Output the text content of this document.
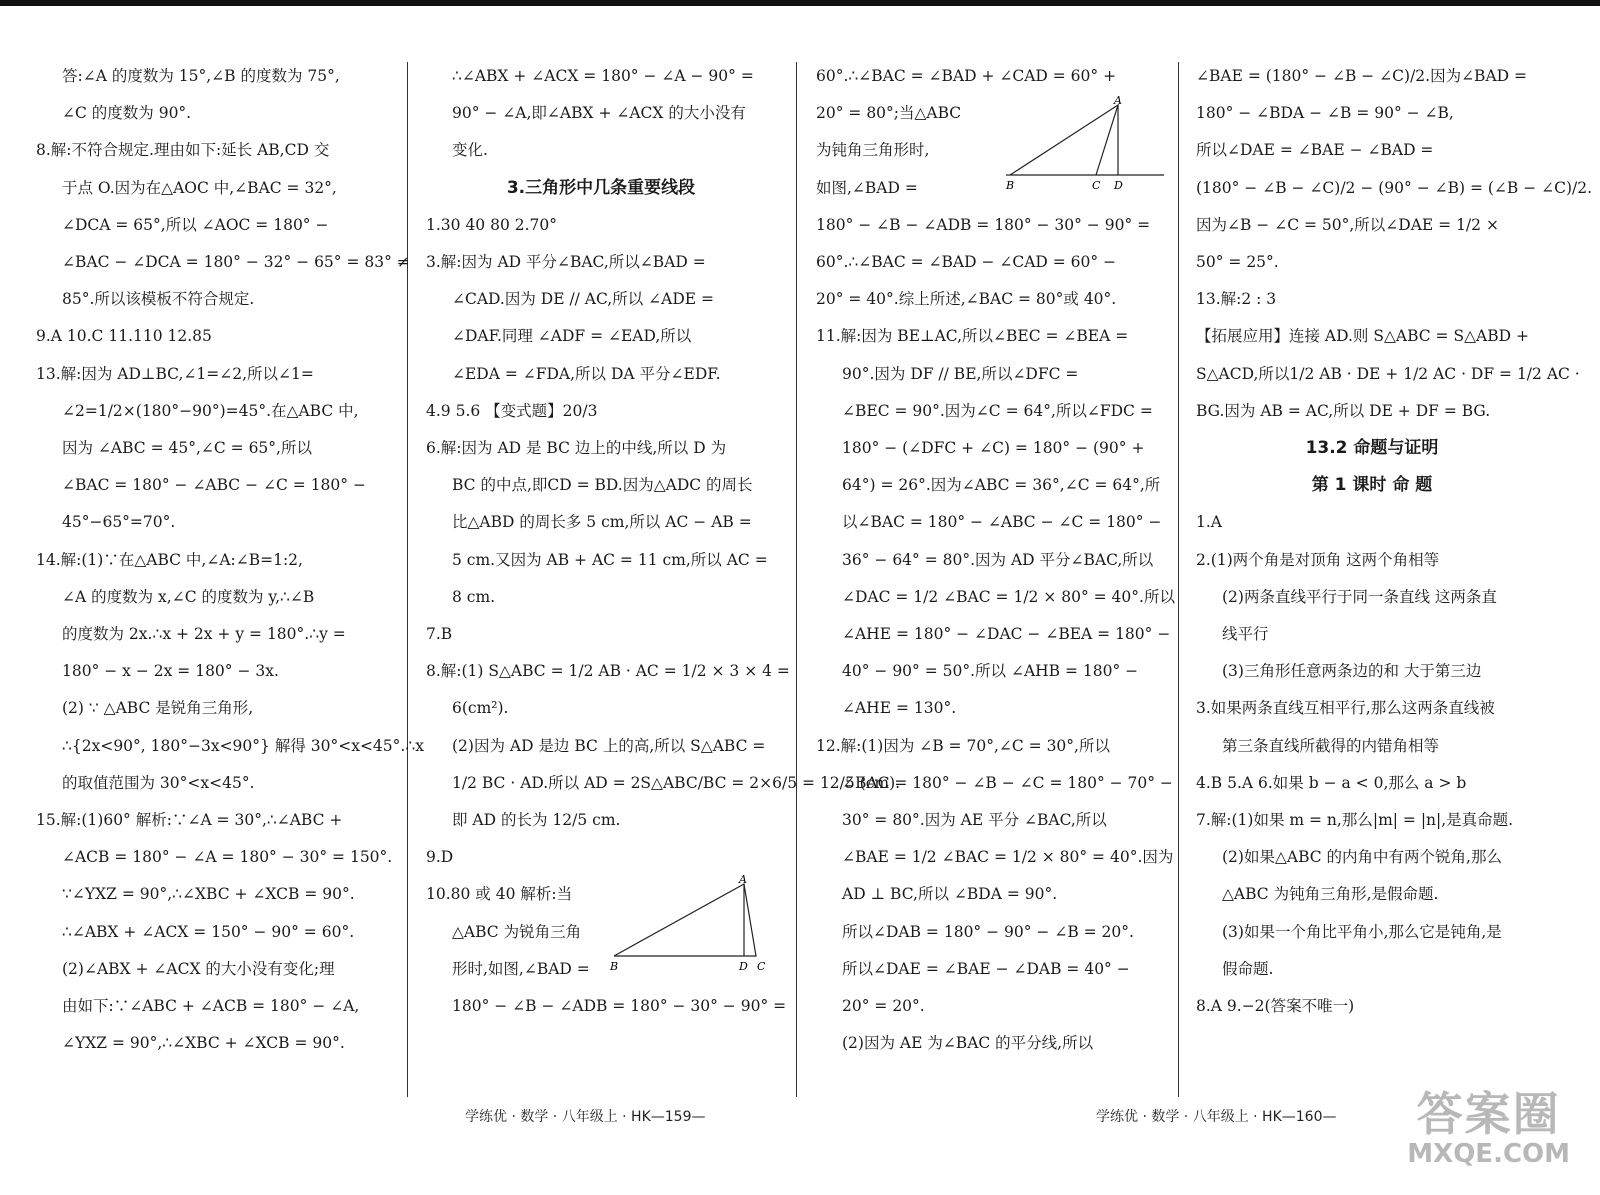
答:∠A 的度数为 15°,∠B 的度数为 75°,
∠C 的度数为 90°.
8.解:不符合规定.理由如下:延长 AB,CD 交
于点 O.因为在△AOC 中,∠BAC = 32°,
∠DCA = 65°,所以 ∠AOC = 180° −
∠BAC − ∠DCA = 180° − 32° − 65° = 83° ≠
85°.所以该模板不符合规定.
9.A 10.C 11.110 12.85
13.解:因为 AD⊥BC,∠1=∠2,所以∠1=
∠2=1/2×(180°−90°)=45°.在△ABC 中,
因为 ∠ABC = 45°,∠C = 65°,所以
∠BAC = 180° − ∠ABC − ∠C = 180° −
45°−65°=70°.
14.解:(1)∵在△ABC 中,∠A:∠B=1:2,
∠A 的度数为 x,∠C 的度数为 y,∴∠B
的度数为 2x.∴x + 2x + y = 180°.∴y =
180° − x − 2x = 180° − 3x.
(2) ∵ △ABC 是锐角三角形,
∴{2x<90°, 180°−3x<90°} 解得 30°<x<45°.∴x
的取值范围为 30°<x<45°.
15.解:(1)60° 解析:∵∠A = 30°,∴∠ABC +
∠ACB = 180° − ∠A = 180° − 30° = 150°.
∵∠YXZ = 90°,∴∠XBC + ∠XCB = 90°.
∴∠ABX + ∠ACX = 150° − 90° = 60°.
(2)∠ABX + ∠ACX 的大小没有变化;理
由如下:∵∠ABC + ∠ACB = 180° − ∠A,
∠YXZ = 90°,∴∠XBC + ∠XCB = 90°.
∴∠ABX + ∠ACX = 180° − ∠A − 90° =
90° − ∠A,即∠ABX + ∠ACX 的大小没有
变化.
3.三角形中几条重要线段
1.30 40 80 2.70°
3.解:因为 AD 平分∠BAC,所以∠BAD =
∠CAD.因为 DE // AC,所以 ∠ADE =
∠DAF.同理 ∠ADF = ∠EAD,所以
∠EDA = ∠FDA,所以 DA 平分∠EDF.
4.9 5.6 【变式题】20/3
6.解:因为 AD 是 BC 边上的中线,所以 D 为
BC 的中点,即CD = BD.因为△ADC 的周长
比△ABD 的周长多 5 cm,所以 AC − AB =
5 cm.又因为 AB + AC = 11 cm,所以 AC =
8 cm.
7.B
8.解:(1) S△ABC = 1/2 AB · AC = 1/2 × 3 × 4 =
6(cm²).
(2)因为 AD 是边 BC 上的高,所以 S△ABC =
1/2 BC · AD.所以 AD = 2S△ABC/BC = 2×6/5 = 12/5 (cm).
即 AD 的长为 12/5 cm.
9.D
10.80 或 40 解析:当
△ABC 为锐角三角
形时,如图,∠BAD =
A
B	D C
180° − ∠B − ∠ADB = 180° − 30° − 90° =
60°.∴∠BAC = ∠BAD + ∠CAD = 60° +
20° = 80°;当△ABC
为钝角三角形时,
如图,∠BAD =
A
B	C D
180° − ∠B − ∠ADB = 180° − 30° − 90° =
60°.∴∠BAC = ∠BAD − ∠CAD = 60° −
20° = 40°.综上所述,∠BAC = 80°或 40°.
11.解:因为 BE⊥AC,所以∠BEC = ∠BEA =
90°.因为 DF // BE,所以∠DFC =
∠BEC = 90°.因为∠C = 64°,所以∠FDC =
180° − (∠DFC + ∠C) = 180° − (90° +
64°) = 26°.因为∠ABC = 36°,∠C = 64°,所
以∠BAC = 180° − ∠ABC − ∠C = 180° −
36° − 64° = 80°.因为 AD 平分∠BAC,所以
∠DAC = 1/2 ∠BAC = 1/2 × 80° = 40°.所以
∠AHE = 180° − ∠DAC − ∠BEA = 180° −
40° − 90° = 50°.所以 ∠AHB = 180° −
∠AHE = 130°.
12.解:(1)因为 ∠B = 70°,∠C = 30°,所以
∠BAC = 180° − ∠B − ∠C = 180° − 70° −
30° = 80°.因为 AE 平分 ∠BAC,所以
∠BAE = 1/2 ∠BAC = 1/2 × 80° = 40°.因为
AD ⊥ BC,所以 ∠BDA = 90°.
所以∠DAB = 180° − 90° − ∠B = 20°.
所以∠DAE = ∠BAE − ∠DAB = 40° −
20° = 20°.
(2)因为 AE 为∠BAC 的平分线,所以
∠BAE = (180° − ∠B − ∠C)/2.因为∠BAD =
180° − ∠BDA − ∠B = 90° − ∠B,
所以∠DAE = ∠BAE − ∠BAD =
(180° − ∠B − ∠C)/2 − (90° − ∠B) = (∠B − ∠C)/2.
因为∠B − ∠C = 50°,所以∠DAE = 1/2 ×
50° = 25°.
13.解:2 : 3
【拓展应用】连接 AD.则 S△ABC = S△ABD +
S△ACD,所以1/2 AB · DE + 1/2 AC · DF = 1/2 AC ·
BG.因为 AB = AC,所以 DE + DF = BG.
13.2 命题与证明
第 1 课时 命 题
1.A
2.(1)两个角是对顶角 这两个角相等
(2)两条直线平行于同一条直线 这两条直
线平行
(3)三角形任意两条边的和 大于第三边
3.如果两条直线互相平行,那么这两条直线被
第三条直线所截得的内错角相等
4.B 5.A 6.如果 b − a < 0,那么 a > b
7.解:(1)如果 m = n,那么|m| = |n|,是真命题.
(2)如果△ABC 的内角中有两个锐角,那么
△ABC 为钝角三角形,是假命题.
(3)如果一个角比平角小,那么它是钝角,是
假命题.
8.A 9.−2(答案不唯一)
学练优 · 数学 · 八年级上 · HK—159—	学练优 · 数学 · 八年级上 · HK—160— 答案圈
MXQE.COM
